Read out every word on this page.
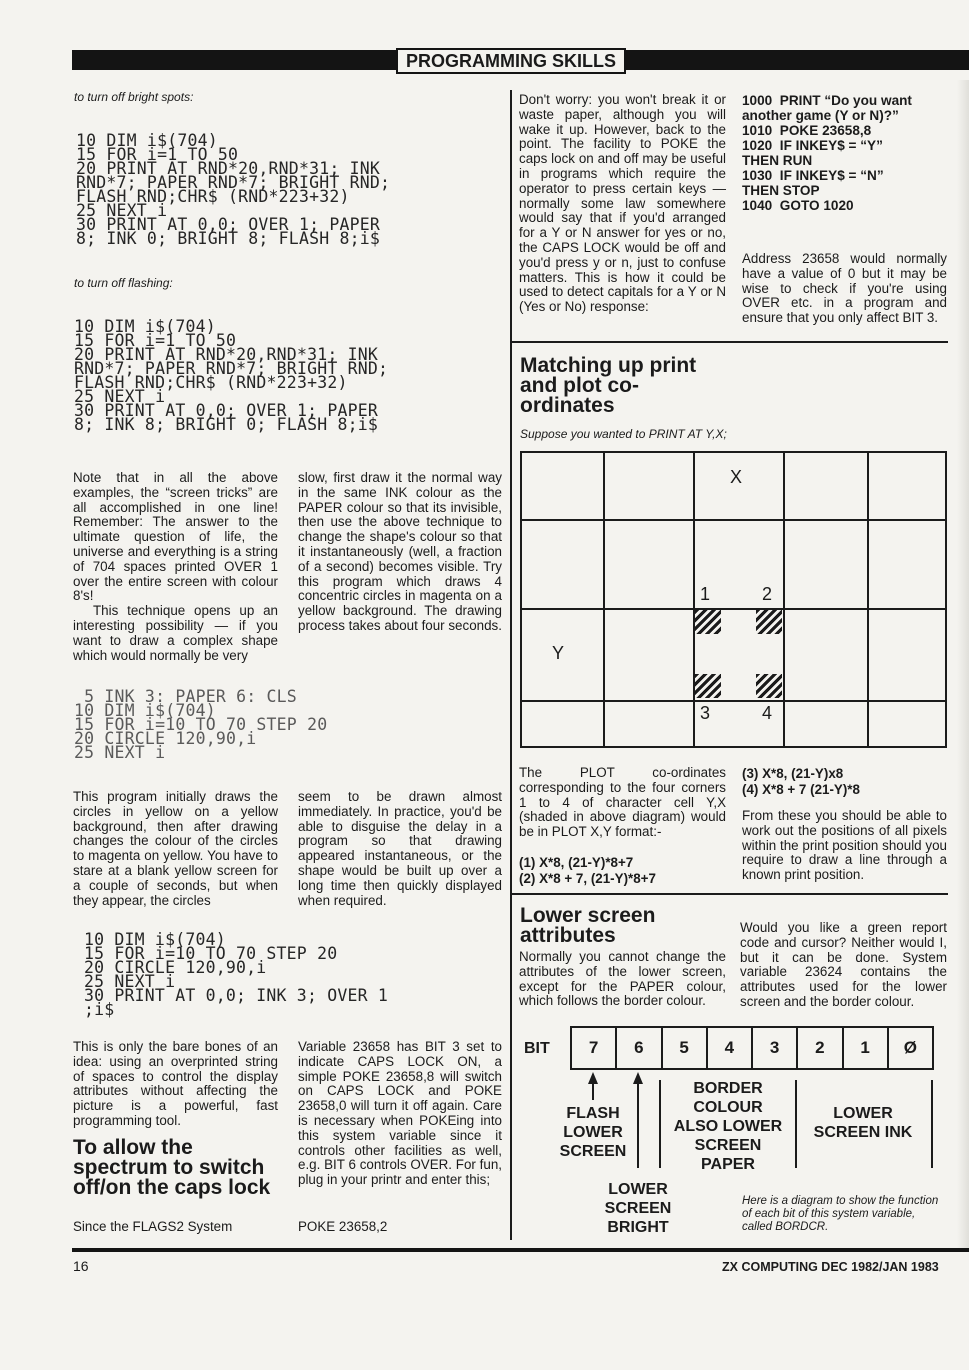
PROGRAMMING SKILLS
to turn off bright spots:
10 DIM i$(704)
15 FOR i=1 TO 50
20 PRINT AT RND*20,RND*31; INK
RND*7; PAPER RND*7; BRIGHT RND;
FLASH RND;CHR$ (RND*223+32)
25 NEXT i
30 PRINT AT 0,0; OVER 1; PAPER
8; INK 0; BRIGHT 8; FLASH 8;i$
to turn off flashing:
10 DIM i$(704)
15 FOR i=1 TO 50
20 PRINT AT RND*20,RND*31; INK
RND*7; PAPER RND*7; BRIGHT RND;
FLASH RND;CHR$ (RND*223+32)
25 NEXT i
30 PRINT AT 0,0; OVER 1; PAPER
8; INK 8; BRIGHT 0; FLASH 8;i$

Note that in all the above examples, the “screen tricks” are all accomplished in one line! Remember: The answer to the ultimate question of life, the universe and everything is a string of 704 spaces printed OVER 1 over the entire screen with colour 8's!

This technique opens up an interesting possibility — if you want to draw a complex shape which would normally be very

slow, first draw it the normal way in the same INK colour as the PAPER colour so that its invisible, then use the above technique to change the shape's colour so that it instantaneously (well, a fraction of a second) becomes visible. Try this program which draws 4 concentric circles in magenta on a yellow background. The drawing process takes about four seconds.
5 INK 3: PAPER 6: CLS
10 DIM i$(704)
15 FOR i=10 TO 70 STEP 20
20 CIRCLE 120,90,i
25 NEXT i
This program initially draws the circles in yellow on a yellow background, then after drawing changes the colour of the circles to magenta on yellow. You have to stare at a blank yellow screen for a couple of seconds, but when they appear, the circles
seem to be drawn almost immediately. In practice, you'd be able to disguise the delay in a program so that drawing appeared instantaneous, or the shape would be built up over a long time then quickly displayed when required.
10 DIM i$(704)
15 FOR i=10 TO 70 STEP 20
20 CIRCLE 120,90,i
25 NEXT i
30 PRINT AT 0,0; INK 3; OVER 1
;i$
This is only the bare bones of an idea: using an overprinted string of spaces to control the display attributes without affecting the picture is a powerful, fast programming tool.
To allow the spectrum to switch off/on the caps lock
Since the FLAGS2 System
Variable 23658 has BIT 3 set to indicate CAPS LOCK ON, a simple POKE 23658,8 will switch on CAPS LOCK and POKE 23658,0 will turn it off again. Care is necessary when POKEing into this system variable since it controls other facilities as well, e.g. BIT 6 controls OVER. For fun, plug in your printr and enter this;
POKE 23658,2
Don't worry: you won't break it or waste paper, although you will wake it up. However, back to the point. The facility to POKE the caps lock on and off may be useful in programs which require the operator to press certain keys — normally some law somewhere would say that if you'd arranged for a Y or N answer for yes or no, the CAPS LOCK would be off and you'd press y or n, just to confuse matters. This is how it could be used to detect capitals for a Y or N (Yes or No) response:
1000  PRINT “Do you want
another game (Y or N)?”
1010  POKE 23658,8
1020  IF INKEY$ = “Y”
THEN RUN
1030  IF INKEY$ = “N”
THEN STOP
1040  GOTO 1020
Address 23658 would normally have a value of 0 but it may be wise to check if you're using OVER etc. in a program and ensure that you only affect BIT 3.
Matching up print and plot co-ordinates
Suppose you wanted to PRINT AT Y,X;
X
Y
1	2
3	4
The PLOT co-ordinates corresponding to the four corners 1 to 4 of character cell Y,X (shaded in above diagram) would be in PLOT X,Y format:-
(1) X*8, (21-Y)*8+7
(2) X*8 + 7, (21-Y)*8+7
(3) X*8, (21-Y)x8
(4) X*8 + 7 (21-Y)*8
From these you should be able to work out the positions of all pixels within the print position should you require to draw a line through a known print position.
Lower screen attributes
Normally you cannot change the attributes of the lower screen, except for the PAPER colour, which follows the border colour.
Would you like a green report code and cursor? Neither would I, but it can be done. System variable 23624 contains the attributes used for the lower screen and the border colour.
BIT	7	6	5	4	3	2	1	Ø
FLASH
LOWER
SCREEN
LOWER
SCREEN
BRIGHT
BORDER
COLOUR
ALSO LOWER
SCREEN
PAPER
LOWER
SCREEN INK
Here is a diagram to show the function of each bit of this system variable, called BORDCR.
16	ZX COMPUTING DEC 1982/JAN 1983
